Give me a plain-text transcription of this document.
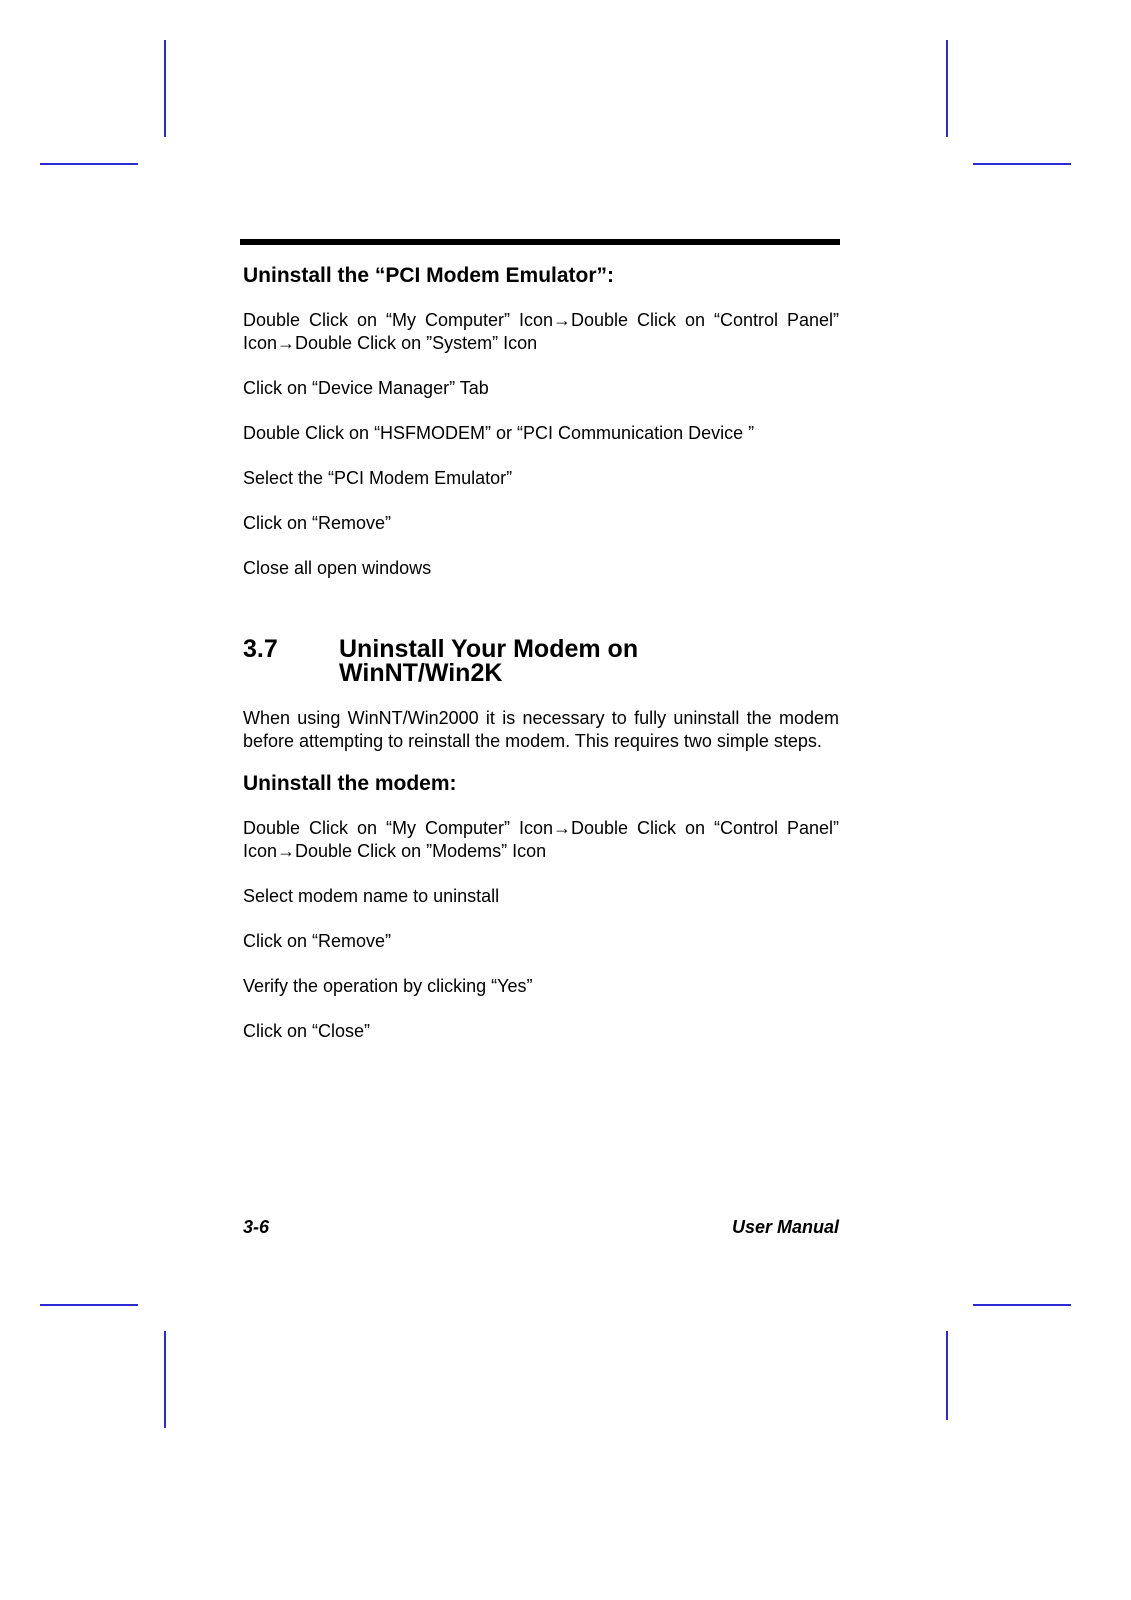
Uninstall the “PCI Modem Emulator”:

Double Click on “My Computer” Icon→Double Click on “Control Panel” Icon→Double Click on ”System” Icon

Click on “Device Manager” Tab

Double Click on “HSFMODEM” or “PCI Communication Device ”

Select the “PCI Modem Emulator”

Click on “Remove”

Close all open windows

3.7	Uninstall Your Modem on WinNT/Win2K

When using WinNT/Win2000 it is necessary to fully uninstall the modem before attempting to reinstall the modem. This requires two simple steps.

Uninstall the modem:

Double Click on “My Computer” Icon→Double Click on “Control Panel” Icon→Double Click on ”Modems” Icon

Select modem name to uninstall

Click on “Remove”

Verify the operation by clicking “Yes”

Click on “Close”

3-6	User Manual
